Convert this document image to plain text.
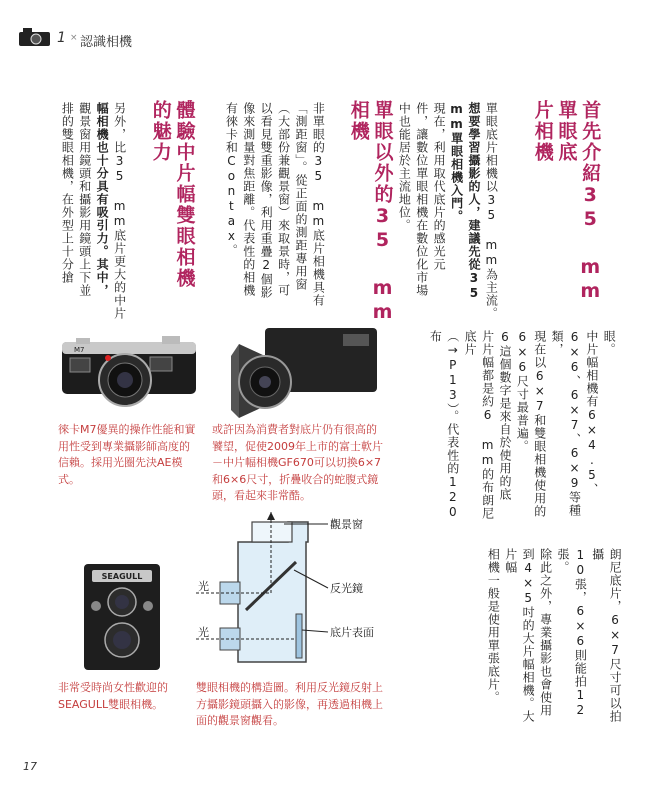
1 × 認識相機
首先介紹35 mm單眼底
片相機
單眼底片相機以35 mm為主流。
想要學習攝影的人，建議先從35
mm單眼相機入門。
現在，利用取代底片的感光元
件，讓數位單眼相機在數位化市場
中也能居於主流地位。
單眼以外的35 mm相機
非單眼的35 mm底片相機具有
「測距窗」。從正面的測距專用窗
（大部份兼觀景窗）來取景時，可
以看見雙重影像，利用重疊2個影
像來測量對焦距離。代表性的相機
有徠卡和Contax。
體驗中片幅雙眼相機
的魅力
另外，比35 mm底片更大的中片
幅相機也十分具有吸引力。其中，
觀景窗用鏡頭和攝影用鏡頭上下並
排的雙眼相機，在外型上十分搶
眼。
中片幅相機有6×4.5、
6×6、6×7、6×9等種類，
現在以6×7和雙眼相機使用的
6×6尺寸最普遍。
6這個數字是來自於使用的底
片片幅都是約6 mm的布朗尼底片
（→P13）。代表性的120布
朗尼底片，6×7尺寸可以拍攝
10張，6×6則能拍12張。
除此之外，專業攝影也會使用
到4×5吋的大片幅相機。大片幅
相機一般是使用單張底片。
M7
徠卡M7優異的操作性能和實用性受到專業攝影師高度的信賴。採用光圈先決AE模式。
或許因為消費者對底片仍有很高的饕望，促使2009年上市的富士軟片－中片幅相機GF670可以切換6×7和6×6尺寸，折疊收合的蛇腹式鏡頭，看起來非常酷。
SEAGULL
非常受時尚女性歡迎的SEAGULL雙眼相機。
觀景窗
反光鏡
底片表面
光
光
雙眼相機的構造圖。利用反光鏡反射上方攝影鏡頭攝入的影像，再透過相機上面的觀景窗觀看。
17
